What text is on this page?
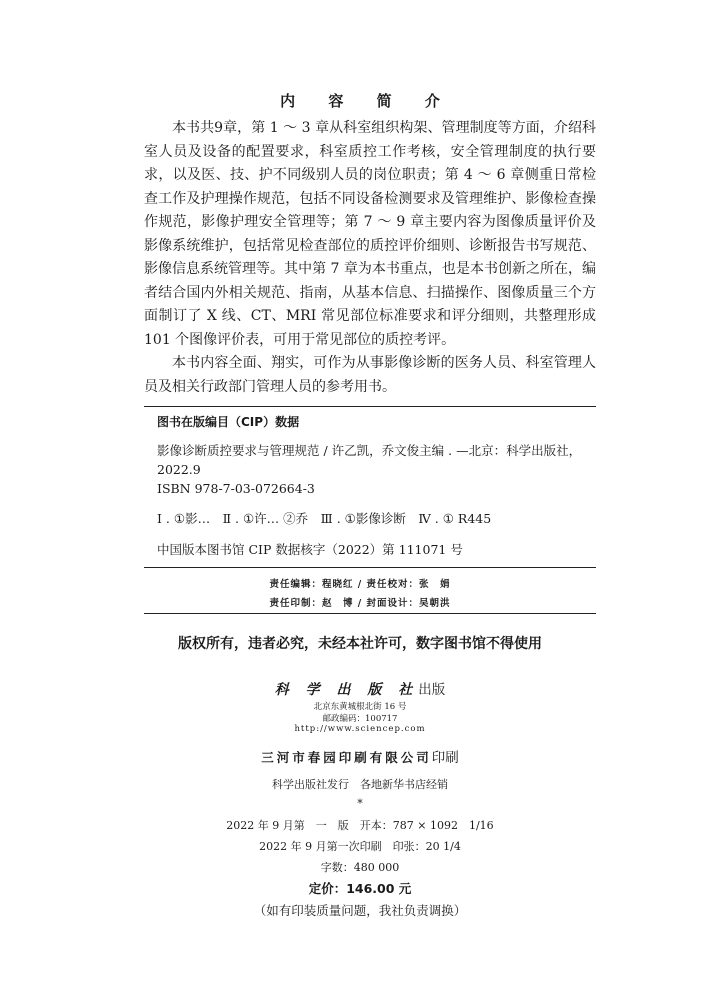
内 容 简 介

本书共9章，第 1 ～ 3 章从科室组织构架、管理制度等方面，介绍科室人员及设备的配置要求，科室质控工作考核，安全管理制度的执行要求，以及医、技、护不同级别人员的岗位职责；第 4 ～ 6 章侧重日常检查工作及护理操作规范，包括不同设备检测要求及管理维护、影像检查操作规范，影像护理安全管理等；第 7 ～ 9 章主要内容为图像质量评价及影像系统维护，包括常见检查部位的质控评价细则、诊断报告书写规范、影像信息系统管理等。其中第 7 章为本书重点，也是本书创新之所在，编者结合国内外相关规范、指南，从基本信息、扫描操作、图像质量三个方面制订了 X 线、CT、MRI 常见部位标准要求和评分细则，共整理形成 101 个图像评价表，可用于常见部位的质控考评。

本书内容全面、翔实，可作为从事影像诊断的医务人员、科室管理人员及相关行政部门管理人员的参考用书。

图书在版编目（CIP）数据
影像诊断质控要求与管理规范 / 许乙凯，乔文俊主编 . —北京：科学出版社，2022.9
ISBN 978-7-03-072664-3
Ⅰ . ①影…　Ⅱ . ①许… ②乔　Ⅲ . ①影像诊断　Ⅳ . ① R445
中国版本图书馆 CIP 数据核字（2022）第 111071 号
责任编辑：程晓红 / 责任校对：张　娟
责任印制：赵　博 / 封面设计：吴朝洪
版权所有，违者必究，未经本社许可，数字图书馆不得使用
科 学 出 版 社出版
北京东黄城根北街 16 号
邮政编码：100717
http://www.sciencep.com
三河市春园印刷有限公司印刷
科学出版社发行　各地新华书店经销
*
2022 年 9 月第　一　版　开本：787 × 1092　1/16
2022 年 9 月第一次印刷　印张：20 1/4
字数：480 000
定价：146.00 元
（如有印装质量问题，我社负责调换）
